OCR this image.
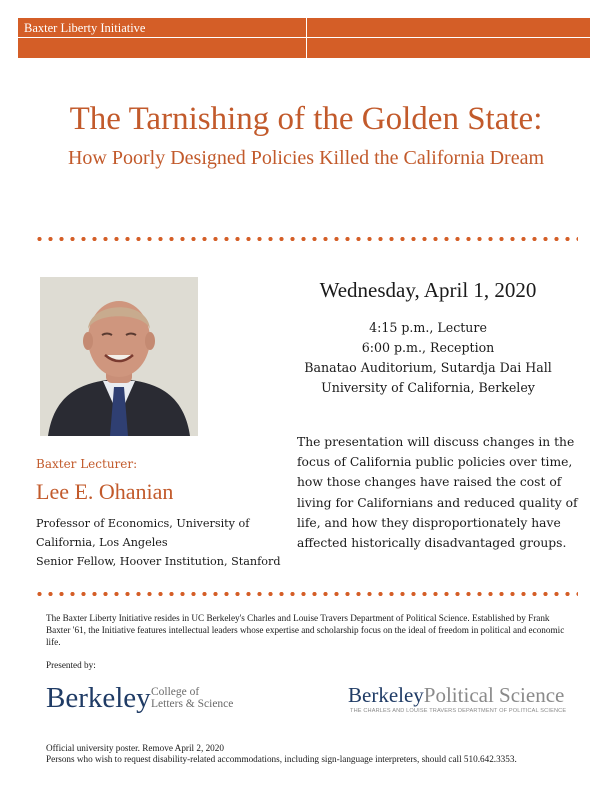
Baxter Liberty Initiative
The Tarnishing of the Golden State:
How Poorly Designed Policies Killed the California Dream
Wednesday, April 1, 2020
4:15 p.m., Lecture
6:00 p.m., Reception
Banatao Auditorium, Sutardja Dai Hall
University of California, Berkeley
Baxter Lecturer:
Lee E. Ohanian
Professor of Economics, University of California, Los Angeles
Senior Fellow, Hoover Institution, Stanford
The presentation will discuss changes in the focus of California public policies over time, how those changes have raised the cost of living for Californians and reduced quality of life, and how they disproportionately have affected historically disadvantaged groups.
The Baxter Liberty Initiative resides in UC Berkeley's Charles and Louise Travers Department of Political Science. Established by Frank Baxter '61, the Initiative features intellectual leaders whose expertise and scholarship focus on the ideal of freedom in political and economic life.
Presented by:
Berkeley College of
Letters & Science	BerkeleyPolitical Science
THE CHARLES AND LOUISE TRAVERS DEPARTMENT OF POLITICAL SCIENCE
Official university poster. Remove April 2, 2020
Persons who wish to request disability-related accommodations, including sign-language interpreters, should call 510.642.3353.
